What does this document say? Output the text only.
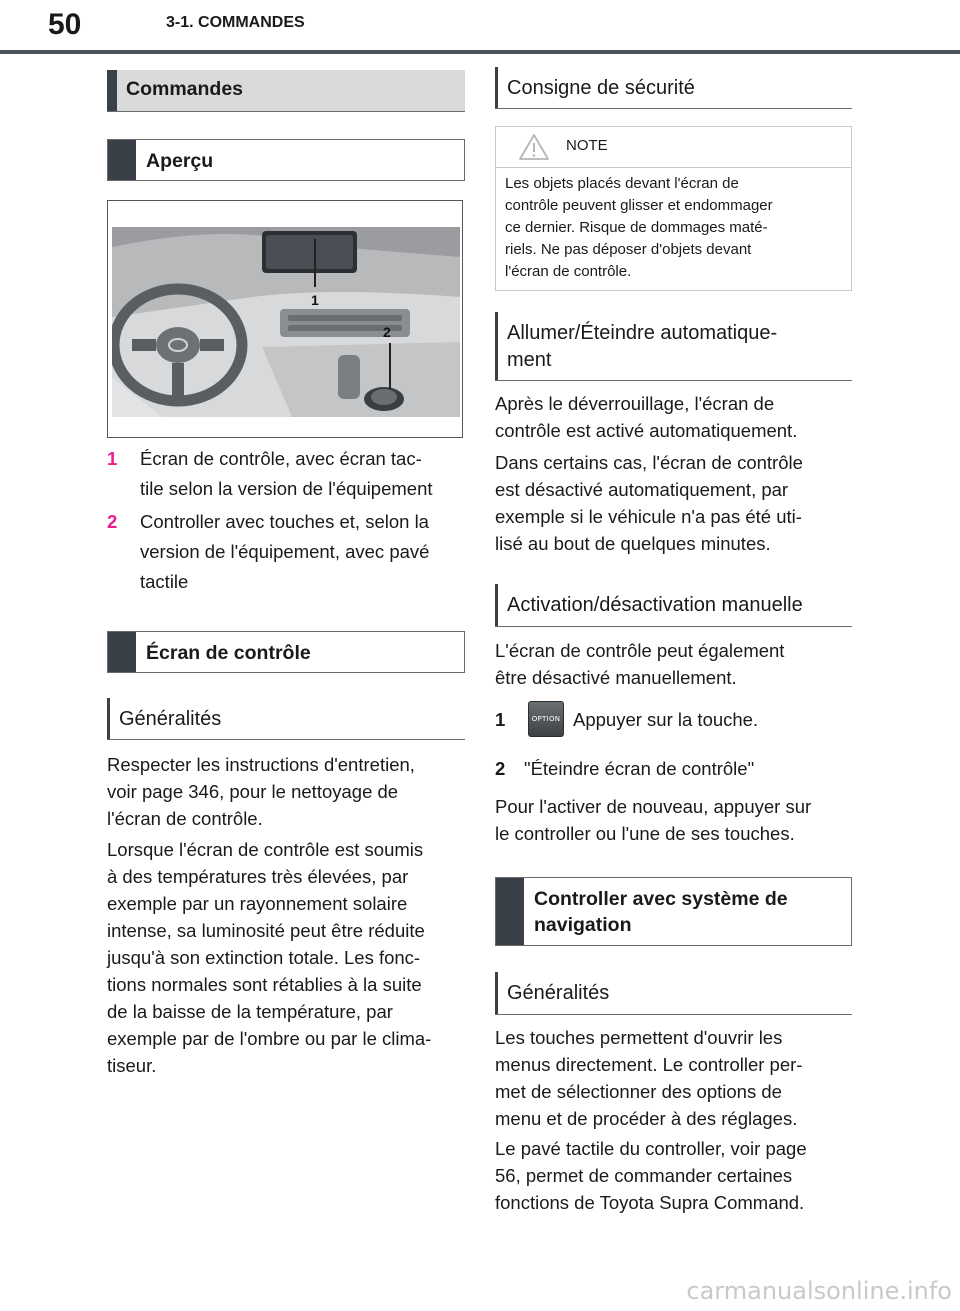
50	3-1. COMMANDES
Commandes
Aperçu
1
2
1 Écran de contrôle, avec écran tac-
tile selon la version de l'équipement
2 Controller avec touches et, selon la
version de l'équipement, avec pavé
tactile
Écran de contrôle
Généralités
Respecter les instructions d'entretien,
voir page 346, pour le nettoyage de
l'écran de contrôle.
Lorsque l'écran de contrôle est soumis
à des températures très élevées, par
exemple par un rayonnement solaire
intense, sa luminosité peut être réduite
jusqu'à son extinction totale. Les fonc-
tions normales sont rétablies à la suite
de la baisse de la température, par
exemple par de l'ombre ou par le clima-
tiseur.
Consigne de sécurité
NOTE
Les objets placés devant l'écran de
contrôle peuvent glisser et endommager
ce dernier. Risque de dommages maté-
riels. Ne pas déposer d'objets devant
l'écran de contrôle.
Allumer/Éteindre automatique-
ment
Après le déverrouillage, l'écran de
contrôle est activé automatiquement.
Dans certains cas, l'écran de contrôle
est désactivé automatiquement, par
exemple si le véhicule n'a pas été uti-
lisé au bout de quelques minutes.
Activation/désactivation manuelle
L'écran de contrôle peut également
être désactivé manuellement.
1	OPTION Appuyer sur la touche.
2 "Éteindre écran de contrôle"
Pour l'activer de nouveau, appuyer sur
le controller ou l'une de ses touches.
Controller avec système de
navigation
Généralités
Les touches permettent d'ouvrir les
menus directement. Le controller per-
met de sélectionner des options de
menu et de procéder à des réglages.
Le pavé tactile du controller, voir page
56, permet de commander certaines
fonctions de Toyota Supra Command.
carmanualsonline.info
